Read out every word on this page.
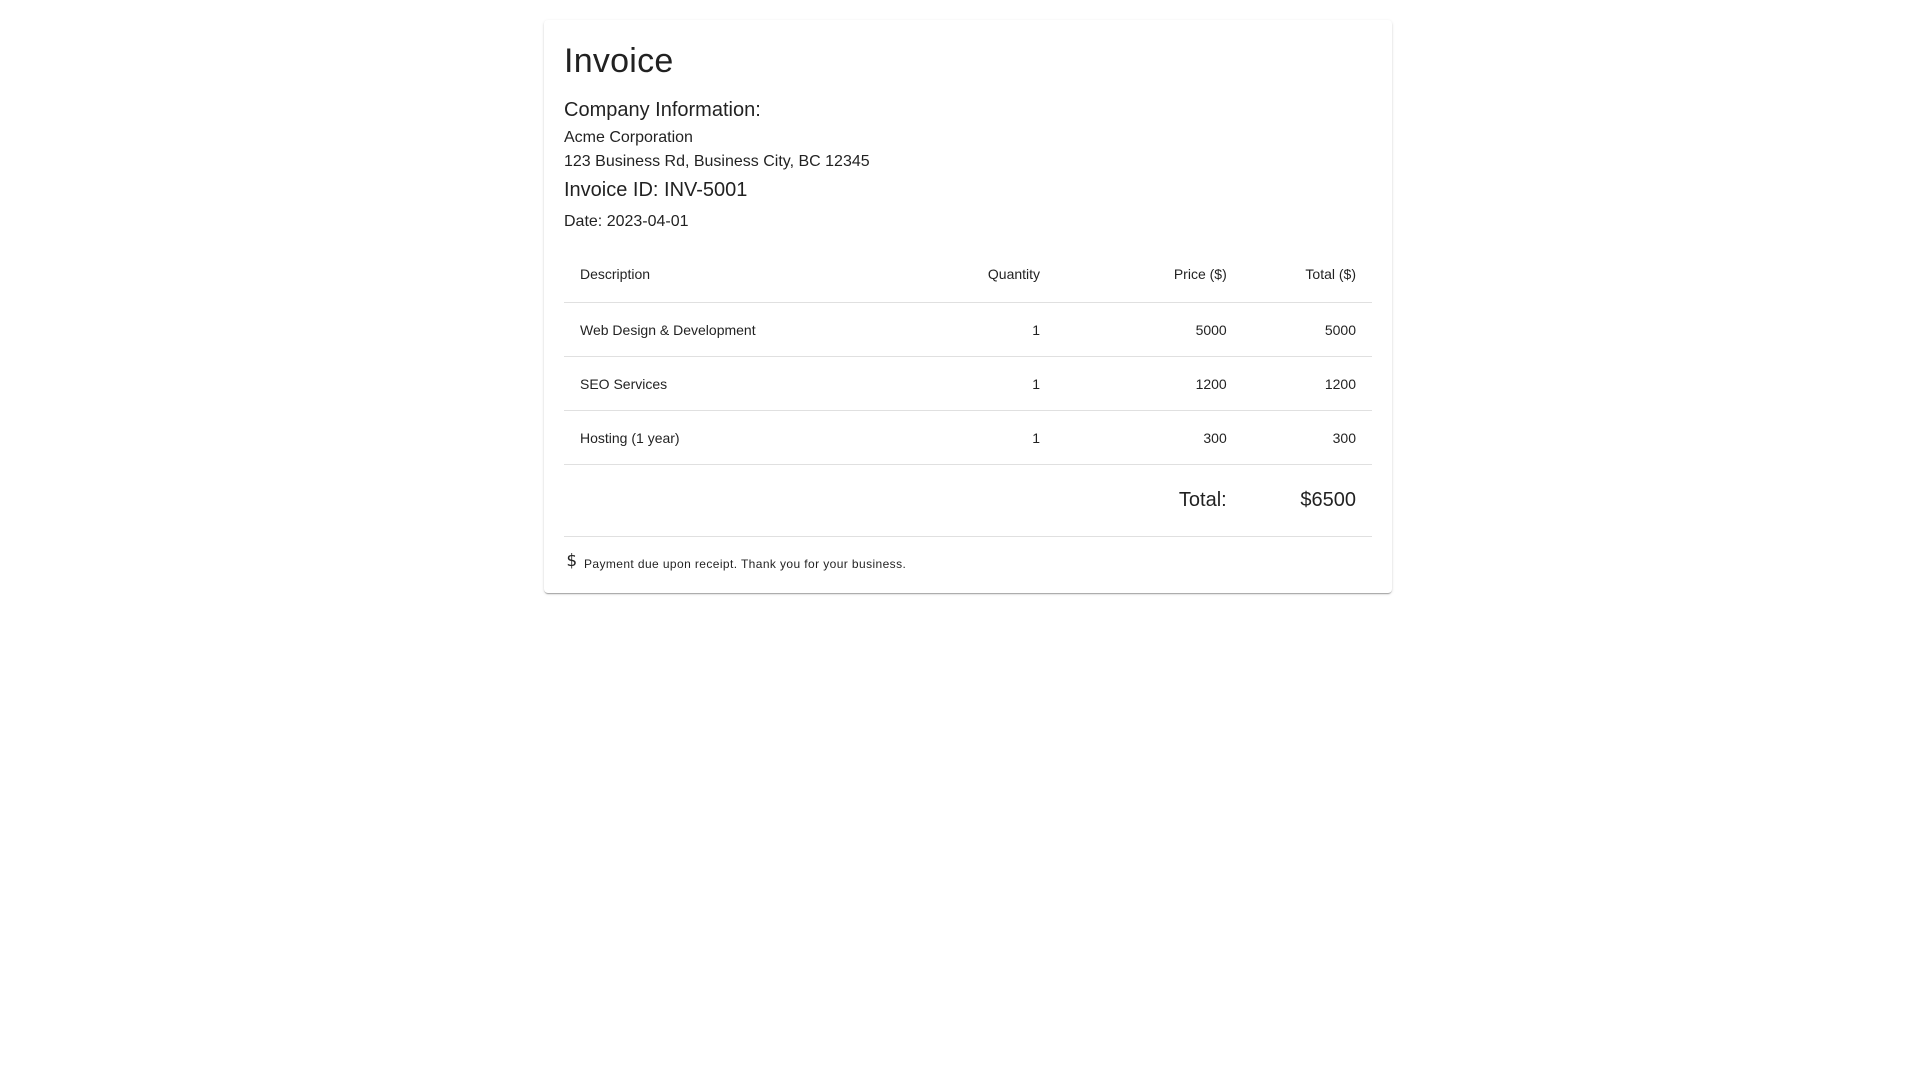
Invoice
Company Information:

Acme Corporation

123 Business Rd, Business City, BC 12345

Invoice ID: INV-5001
Date: 2023-04-01
Description	Quantity	Price ($)	Total ($)
Web Design & Development	1	5000	5000
SEO Services	1	1200	1200
Hosting (1 year)	1	300	300
		Total:	$6500
$ Payment due upon receipt. Thank you for your business.
